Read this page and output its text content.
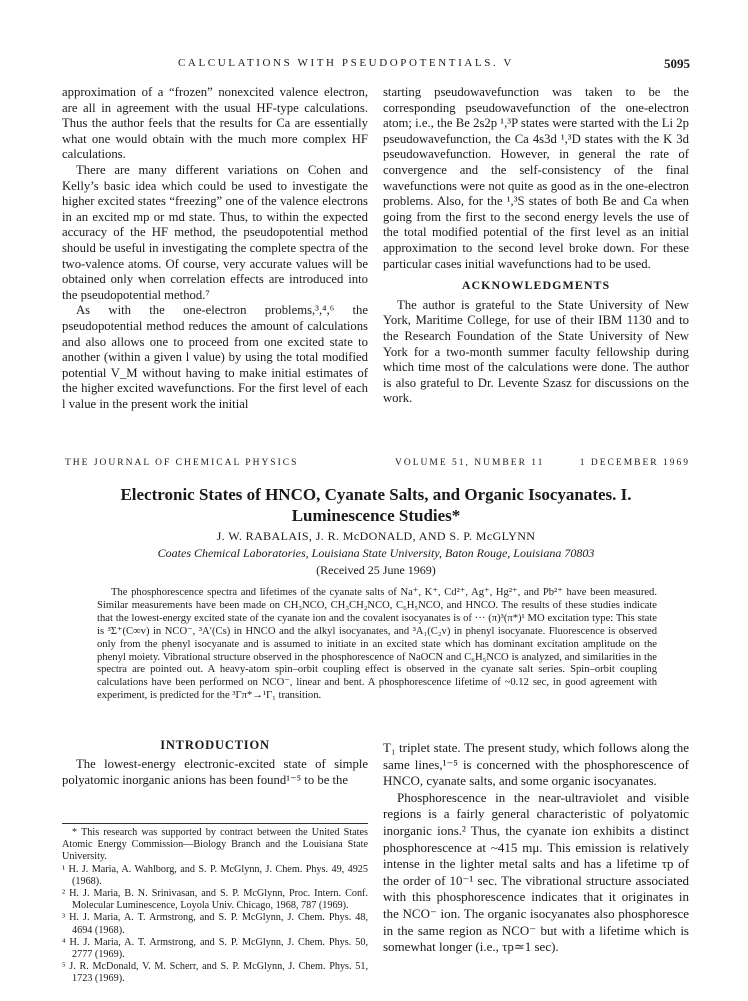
CALCULATIONS WITH PSEUDOPOTENTIALS. V	5095

approximation of a “frozen” nonexcited valence electron, are all in agreement with the usual HF-type calculations. Thus the author feels that the results for Ca are essentially what one would obtain with the much more complex HF calculations.

There are many different variations on Cohen and Kelly’s basic idea which could be used to investigate the higher excited states “freezing” one of the valence electrons in an excited mp or md state. Thus, to within the expected accuracy of the HF method, the pseudopotential method should be useful in investigating the complete spectra of the two-valence atoms. Of course, very accurate values will be obtained only when correlation effects are introduced into the pseudopotential method.⁷

As with the one-electron problems,³,⁴,⁶ the pseudopotential method reduces the amount of calculations and also allows one to proceed from one excited state to another (within a given l value) by using the total modified potential V_M without having to make initial estimates of the higher excited wavefunctions. For the first level of each l value in the present work the initial

starting pseudowavefunction was taken to be the corresponding pseudowavefunction of the one-electron atom; i.e., the Be 2s2p ¹,³P states were started with the Li 2p pseudowavefunction, the Ca 4s3d ¹,³D states with the K 3d pseudowavefunction. However, in general the rate of convergence and the self-consistency of the final wavefunctions were not quite as good as in the one-electron problems. Also, for the ¹,³S states of both Be and Ca when going from the first to the second energy levels the use of the total modified potential of the first level as an initial approximation to the second level broke down. For these particular cases initial wavefunctions had to be used.

ACKNOWLEDGMENTS

The author is grateful to the State University of New York, Maritime College, for use of their IBM 1130 and to the Research Foundation of the State University of New York for a two-month summer faculty fellowship during which time most of the calculations were done. The author is also grateful to Dr. Levente Szasz for discussions on the work.

THE JOURNAL OF CHEMICAL PHYSICS	VOLUME 51, NUMBER 11	1 DECEMBER 1969
Electronic States of HNCO, Cyanate Salts, and Organic Isocyanates. I.
Luminescence Studies*
J. W. RABALAIS, J. R. McDONALD, AND S. P. McGLYNN
Coates Chemical Laboratories, Louisiana State University, Baton Rouge, Louisiana 70803
(Received 25 June 1969)

The phosphorescence spectra and lifetimes of the cyanate salts of Na⁺, K⁺, Cd²⁺, Ag⁺, Hg²⁺, and Pb²⁺ have been measured. Similar measurements have been made on CH₃NCO, CH₃CH₂NCO, C₆H₅NCO, and HNCO. The results of these studies indicate that the lowest-energy excited state of the cyanate ion and the covalent isocyanates is of ··· (π)³(π*)¹ MO excitation type: This state is ³Σ⁺(C∞v) in NCO⁻, ³A′(Cs) in HNCO and the alkyl isocyanates, and ³A₁(C₂v) in phenyl isocyanate. Fluorescence is observed only from the phenyl isocyanate and is assumed to initiate in an excited state which has dominant excitation amplitude on the phenyl moiety. Vibrational structure observed in the phosphorescence of NaOCN and C₆H₅NCO is analyzed, and similarities in the spectra are pointed out. A heavy-atom spin–orbit coupling effect is observed in the cyanate salt series. Spin–orbit coupling calculations have been performed on NCO⁻, linear and bent. A phosphorescence lifetime of ~0.12 sec, in good agreement with experiment, is predicted for the ³Γπ*→¹Γ₁ transition.

INTRODUCTION

The lowest-energy electronic-excited state of simple polyatomic inorganic anions has been found¹⁻⁵ to be the

* This research was supported by contract between the United States Atomic Energy Commission—Biology Branch and the Louisiana State University.

¹ H. J. Maria, A. Wahlborg, and S. P. McGlynn, J. Chem. Phys. 49, 4925 (1968).

² H. J. Maria, B. N. Srinivasan, and S. P. McGlynn, Proc. Intern. Conf. Molecular Luminescence, Loyola Univ. Chicago, 1968, 787 (1969).

³ H. J. Maria, A. T. Armstrong, and S. P. McGlynn, J. Chem. Phys. 48, 4694 (1968).

⁴ H. J. Maria, A. T. Armstrong, and S. P. McGlynn, J. Chem. Phys. 50, 2777 (1969).

⁵ J. R. McDonald, V. M. Scherr, and S. P. McGlynn, J. Chem. Phys. 51, 1723 (1969).

T₁ triplet state. The present study, which follows along the same lines,¹⁻⁵ is concerned with the phosphorescence of HNCO, cyanate salts, and some organic isocyanates.

Phosphorescence in the near-ultraviolet and visible regions is a fairly general characteristic of polyatomic inorganic ions.² Thus, the cyanate ion exhibits a distinct phosphorescence at ~415 mμ. This emission is relatively intense in the lighter metal salts and has a lifetime τp of the order of 10⁻¹ sec. The vibrational structure associated with this phosphorescence indicates that it originates in the NCO⁻ ion. The organic isocyanates also phosphoresce in the same region as NCO⁻ but with a lifetime which is somewhat longer (i.e., τp≃1 sec).
